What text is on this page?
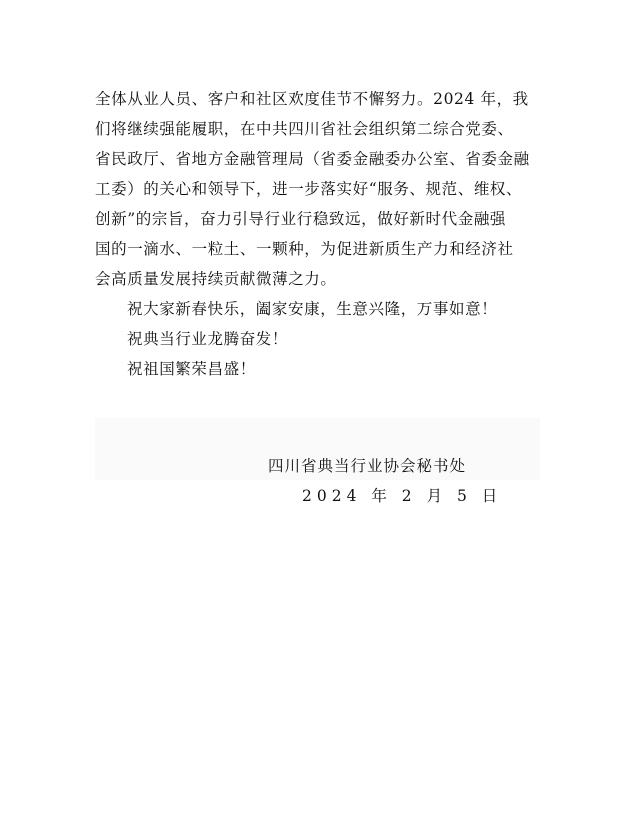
全体从业人员、客户和社区欢度佳节不懈努力。2024 年，我
们将继续强能履职，在中共四川省社会组织第二综合党委、
省民政厅、省地方金融管理局（省委金融委办公室、省委金融
工委）的关心和领导下，进一步落实好“服务、规范、维权、
创新”的宗旨，奋力引导行业行稳致远，做好新时代金融强
国的一滴水、一粒土、一颗种，为促进新质生产力和经济社
会高质量发展持续贡献微薄之力。
祝大家新春快乐，阖家安康，生意兴隆，万事如意！
祝典当行业龙腾奋发！
祝祖国繁荣昌盛！
四川省典当行业协会秘书处
2024 年 2 月 5 日
